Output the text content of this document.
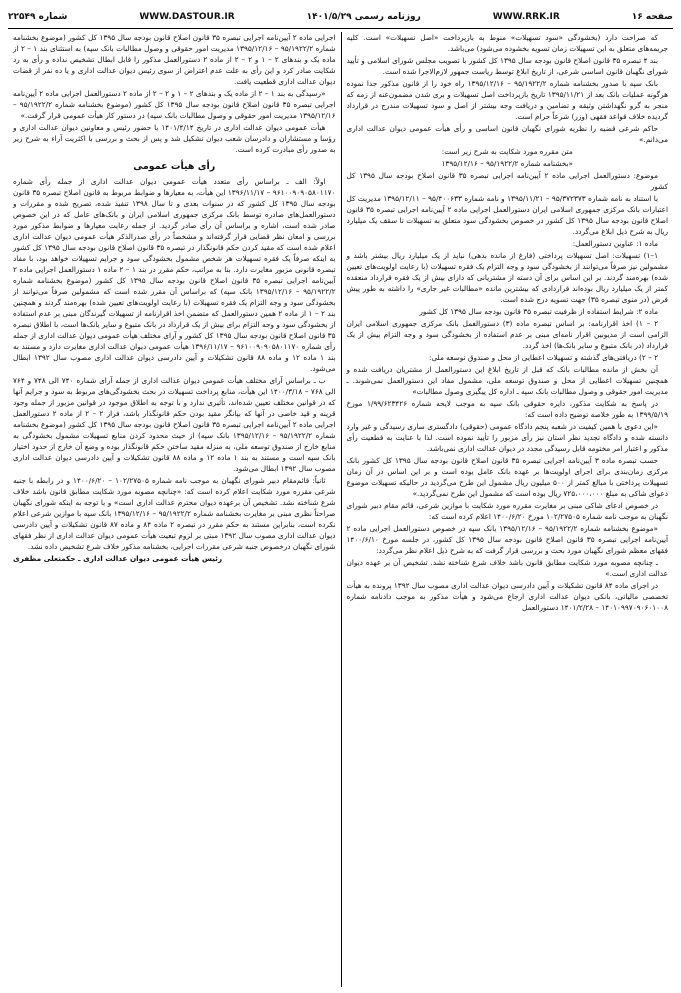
صفحه ۱۶
WWW.RRK.IR
روزنامه رسمی ۱۴۰۱/۵/۲۹
WWW.DASTOUR.IR
شماره ۲۲۵۴۹

که صراحت دارد (بخشودگی «سود تسهیلات» منوط به بازپرداخت «اصل تسهیلات» است. کلیه جریمه‌های متعلق به این تسهیلات زمان تسویه بخشوده می‌شود) می‌باشد.

بند ۴ تبصره ۳۵ قانون اصلاح قانون بودجه سال ۱۳۹۵ کل کشور با تصویب مجلس شورای اسلامی و تأیید شورای نگهبان قانون اساسی شرعی، از تاریخ ابلاغ توسط ریاست جمهور لازم‌الاجرا شده است.

بانک سپه با صدور بخشنامه شماره ۹۵/۱۹۲۲/۲ – ۱۳۹۵/۱۲/۱۶ راه خود را از قانون مذکور جدا نموده هرگونه عملیات بانک بعد از ۱۳۹۵/۱۱/۲۱ تاریخ بازپرداخت اصل تسهیلات و بری شدن مضمون‌عنه از زمه که منجر به گرو نگهداشتن وثیقه و تضامین و دریافت وجه بیشتر از اصل و سود تسهیلات مندرج در قرارداد گردیده خلاف قواعد فقهی (وزر) شرعاً حرام است.

حاکم شرعی قضیه را نظریه شورای نگهبان قانون اساسی و رأی هیأت عمومی دیوان عدالت اداری می‌دانم.»

متن مقرره مورد شکایت به شرح زیر است:

«بخشنامه شماره ۹۵/۱۹۲۲/۲ – ۱۳۹۵/۱۲/۱۶

موضوع: دستورالعمل اجرایی ماده ۲ آیین‌نامه اجرایی تبصره ۳۵ قانون اصلاح بودجه سال ۱۳۹۵ کل کشور

با استناد به نامه شماره ۹۵/۳۷۲۳۷۳ – ۱۳۹۵/۱۱/۲۱ و نامه شماره ۹۵/۴۰۰۶۳۳ – ۱۳۹۵/۱۲/۱۱ مدیریت کل اعتبارات بانک مرکزی جمهوری اسلامی ایران دستورالعمل اجرایی ماده ۲ آیین‌نامه اجرایی تبصره ۳۵ قانون اصلاح قانون بودجه سال ۱۳۹۵ کل کشور در خصوص بخشودگی سود متعلق به تسهیلات تا سقف یک میلیارد ریال به شرح ذیل ابلاغ می‌گردد.

ماده ۱: عناوین دستورالعمل:

۱–۱) تسهیلات: اصل تسهیلات پرداختی (فارغ از مانده بدهی) نباید از یک میلیارد ریال بیشتر باشد و مشمولین نیز صرفاً می‌توانند از بخشودگی سود و وجه التزام یک فقره تسهیلات (با رعایت اولویت‌های تعیین شده) بهره‌مند گردند. بر این اساس برای آن دسته از مشتریانی که دارای بیش از یک فقره قرارداد منعقده کمتر از یک میلیارد ریال بوده‌اند قراردادی که بیشترین مانده «مطالبات غیر جاری» را داشته به طور پیش فرض (در منوی تبصره ۳۵) جهت تسویه درج شده است.

ماده ۲: شرایط استفاده از ظرفیت تبصره ۳۵ قانون بودجه سال ۱۳۹۵ کل کشور

۲ – ۱) اخذ اقرارنامه: بر اساس تبصره ماده (۳) دستورالعمل بانک مرکزی جمهوری اسلامی ایران الزامی است از مدیونین اقرار نامه‌ای مبنی بر عدم استفاده از بخشودگی سود و وجه التزام بیش از یک قرارداد (در بانک متبوع و سایر بانک‌ها) اخذ گردد.

۲ – ۲) دریافتی‌های گذشته و تسهیلات اعطایی از محل و صندوق توسعه ملی:

آن بخش از مانده مطالبات بانک که قبل از تاریخ ابلاغ این دستورالعمل از مشتریان دریافت شده و همچنین تسهیلات اعطایی از محل و صندوق توسعه ملی، مشمول مفاد این دستورالعمل نمی‌شوند. ـ مدیریت امور حقوقی و وصول مطالبات بانک سپه ـ اداره کل پیگیری وصول مطالبات»

در پاسخ به شکایت مذکور، دایره حقوقی بانک سپه به موجب لایحه شماره ۱/۹۹/۶۲۳۴۲۶ مورخ ۱۳۹۹/۵/۱۹ به طور خلاصه توضیح داده است که:

«این دعوی با همین کیفیت در شعبه پنجم دادگاه عمومی (حقوقی) دادگستری ساری رسیدگی و غیر وارد دانسته شده و دادگاه تجدید نظر استان نیز رأی مزبور را تأیید نموده است. لذا با عنایت به قطعیت رأی مذکور و اعتبار امر مختومه قابل رسیدگی مجدد در دیوان عدالت اداری نمی‌باشد.

حسب تبصره ماده ۳ آیین‌نامه اجرایی تبصره ۳۵ قانون اصلاح قانون بودجه سال ۱۳۹۵ کل کشور بانک مرکزی زمان‌بندی برای اجرای اولویت‌ها بر عهده بانک عامل بوده است و بر این اساس در آن زمان تسهیلات پرداختی با مبالغ کمتر از ۵۰۰ میلیون ریال مشمول این طرح می‌گردید در حالیکه تسهیلات موضوع دعوای شاکی به مبلغ ۷۲۵،۰۰۰،۰۰۰ ریال بوده است که مشمول این طرح نمی‌گردید.»

در خصوص ادعای شاکی مبنی بر مغایرت مقرره مورد شکایت با موازین شرعی، قائم مقام دبیر شورای نگهبان به موجب نامه شماره ۱۰۲/۲۷۵۰۵ مورخ ۱۴۰۰/۶/۲۰ اعلام کرده است که:

«موضوع بخشنامه شماره ۹۵/۱۹۲۲/۲ – ۱۳۹۵/۱۲/۱۶ بانک سپه در خصوص دستورالعمل اجرایی ماده ۲ آیین‌نامه اجرایی تبصره ۳۵ قانون اصلاح قانون بودجه سال ۱۳۹۵ کل کشور، در جلسه مورخ ۱۴۰۰/۶/۱۰ فقهای معظم شورای نگهبان مورد بحث و بررسی قرار گرفت که به شرح ذیل اعلام نظر می‌گردد:

ـ چنانچه مصوبه مورد شکایت مطابق قانون باشد خلاف شرع شناخته نشد. تشخیص آن بر عهده دیوان عدالت اداری است.»

در اجرای ماده ۸۴ قانون تشکیلات و آیین دادرسی دیوان عدالت اداری مصوب سال ۱۳۹۲ پرونده به هیأت تخصصی مالیاتی، بانکی دیوان عدالت اداری ارجاع می‌شود و هیأت مذکور به موجب دادنامه شماره ۱۴۰۱۰۹۹۷۰۹۰۶۰۱۰۰۸ – ۱۴۰۱/۲/۲۸ دستورالعمل

اجرایی ماده ۲ آیین‌نامه اجرایی تبصره ۳۵ قانون اصلاح قانون بودجه سال ۱۳۹۵ کل کشور (موضوع بخشنامه شماره ۹۵/۱۹۲۲/۲ – ۱۳۹۵/۱۲/۱۶ مدیریت امور حقوقی و وصول مطالبات بانک سپه) به استثنای بند ۱ – ۲ از ماده یک و بندهای ۲ – ۱ و ۲ – ۲ از ماده ۲ دستورالعمل مذکور را قابل ابطال تشخیص نداده و رأی به رد شکایت صادر کرد و این رأی به علت عدم اعتراض از سوی رئیس دیوان عدالت اداری و یا ده نفر از قضات دیوان عدالت اداری قطعیت یافت.

«رسیدگی به بند ۱ – ۲ از ماده یک و بندهای ۲ – ۱ و ۲ – ۲ از ماده ۲ دستورالعمل اجرایی ماده ۲ آیین‌نامه اجرایی تبصره ۳۵ قانون اصلاح قانون بودجه سال ۱۳۹۵ کل کشور (موضوع بخشنامه شماره ۹۵/۱۹۲۲/۲ – ۱۳۹۵/۱۲/۱۶ مدیریت امور حقوقی و وصول مطالبات بانک سپه) در دستور کار هیأت عمومی قرار گرفت.»

هیأت عمومی دیوان عدالت اداری در تاریخ ۱۴۰۱/۴/۱۴ با حضور رئیس و معاونین دیوان عدالت اداری و رؤسا و مستشاران و دادرسان شعب دیوان تشکیل شد و پس از بحث و بررسی با اکثریت آراء به شرح زیر به صدور رأی مبادرت کرده است.

رأی هیأت عمومی

اولاً: الف ـ براساس رأی متعدد هیأت عمومی دیوان عدالت اداری از جمله رأی شماره ۹۶۱۰۰۹۰۹۰۵۸۰۱۱۷۰ – ۱۳۹۶/۱۱/۱۷ این هیأت، به معیارها و ضوابط مربوط به قانون اصلاح تبصره ۳۵ قانون بودجه سال ۱۳۹۵ کل کشور که در سنوات بعدی و تا سال ۱۳۹۸ تنفیذ شده، تصریح شده و مقررات و دستورالعمل‌های صادره توسط بانک مرکزی جمهوری اسلامی ایران و بانک‌های عامل که در این خصوص صادر شده است، اشاره و براساس آن رأی صادر گردید. از جمله رعایت معیارها و ضوابط مذکور مورد بررسی و امعان نظر قضایی قرار گرفته‌اند و مشخصاً در رأی صدرالذکر هیأت عمومی دیوان عدالت اداری اعلام شده است که مقید کردن حکم قانونگذار در تبصره ۳۵ قانون اصلاح قانون بودجه سال ۱۳۹۵ کل کشور به اینکه صرفاً یک فقره تسهیلات هر شخص مشمول بخشودگی سود و جرایم تسهیلات خواهد بود، با مفاد تبصره قانونی مزبور مغایرت دارد. بنا به مراتب، حکم مقرر در بند ۱ – ۲ ماده ۱ دستورالعمل اجرایی ماده ۲ آیین‌نامه اجرایی تبصره ۳۵ قانون اصلاح قانون بودجه سال ۱۳۹۵ کل کشور (موضوع بخشنامه شماره ۹۵/۱۹۲۲/۲ – ۱۳۹۵/۱۲/۱۶ بانک سپه) که براساس آن مقرر شده است که مشمولین صرفاً می‌توانند از بخشودگی سود و وجه التزام یک فقره تسهیلات (با رعایت اولویت‌های تعیین شده) بهره‌مند گردند و همچنین بند ۲ – ۱ از ماده ۲ همین دستورالعمل که متضمن اخذ اقرارنامه از تسهیلات گیرندگان مبنی بر عدم استفاده از بخشودگی سود و وجه التزام برای بیش از یک قرارداد در بانک متبوع و سایر بانک‌ها است، با اطلاق تبصره ۳۵ قانون اصلاح قانون بودجه سال ۱۳۹۵ کل کشور و آرای مختلف هیأت عمومی دیوان عدالت اداری از جمله رأی شماره ۹۶۱۰۰۹۰۹۰۵۸۰۱۱۷۰ – ۱۳۹۶/۱۱/۱۷ هیأت عمومی دیوان عدالت اداری مغایرت دارد و مستند به بند ۱ ماده ۱۲ و ماده ۸۸ قانون تشکیلات و آیین دادرسی دیوان عدالت اداری مصوب سال ۱۳۹۲ ابطال می‌شود.

ب ـ براساس آرای مختلف هیأت عمومی دیوان عدالت اداری از جمله آرای شماره ۷۴۰ الی ۷۴۸ و ۷۶۴ الی ۷۶۸ – ۱۴۰۰/۳/۱۸ این هیأت، منابع پرداخت تسهیلات در بحث بخشودگی‌های مربوط به سود و جرایم آنها که در قوانین مختلف تعیین شده‌اند، تأثیری ندارد و با توجه به اطلاق موجود در قوانین مزبور از جمله وجود قرینه و قید خاصی در آنها که بیانگر مقید بودن حکم قانونگذار باشد، فراز ۲ – ۲ از ماده ۲ دستورالعمل اجرایی ماده ۲ آیین‌نامه اجرایی تبصره ۳۵ قانون اصلاح قانون بودجه سال ۱۳۹۵ کل کشور (موضوع بخشنامه شماره ۹۵/۱۹۲۲/۲ – ۱۳۹۵/۱۲/۱۶ بانک سپه) از حیث محدود کردن منابع تسهیلات مشمول بخشودگی به منابع خارج از صندوق توسعه ملی، به منزله مقید ساختن حکم قانونگذار بوده و وضع آن خارج از حدود اختیار بانک سپه است و مستند به بند ۱ ماده ۱۲ و ماده ۸۸ قانون تشکیلات و آیین دادرسی دیوان عدالت اداری مصوب سال ۱۳۹۲ ابطال می‌شود.

ثانیاً: قائم‌مقام دبیر شورای نگهبان به موجب نامه شماره ۱۰۲/۲۷۵۰۵ – ۱۴۰۰/۶/۲۰ و در رابطه با جنبه شرعی مقرره مورد شکایت اعلام کرده است که: «چنانچه مصوبه مورد شکایت مطابق قانون باشد خلاف شرع شناخته نشد. تشخیص آن برعهده دیوان محترم عدالت اداری است» و با توجه به اینکه شورای نگهبان صراحتاً نظری مبنی بر مغایرت بخشنامه شماره ۹۵/۱۹۲۲/۲ – ۱۳۹۵/۱۲/۱۶ بانک سپه با موازین شرعی اعلام نکرده است، بنابراین مستند به حکم مقرر در تبصره ۲ ماده ۸۴ و ماده ۸۷ قانون تشکیلات و آیین دادرسی دیوان عدالت اداری مصوب سال ۱۳۹۲ مبنی بر لزوم تبعیت هیأت عمومی دیوان عدالت اداری از نظر فقهای شورای نگهبان درخصوص جنبه شرعی مقررات اجرایی، بخشنامه مذکور خلاف شرع تشخیص داده نشد.

رئیس هیأت عمومی دیوان عدالت اداری ـ حکمتعلی مظفری
